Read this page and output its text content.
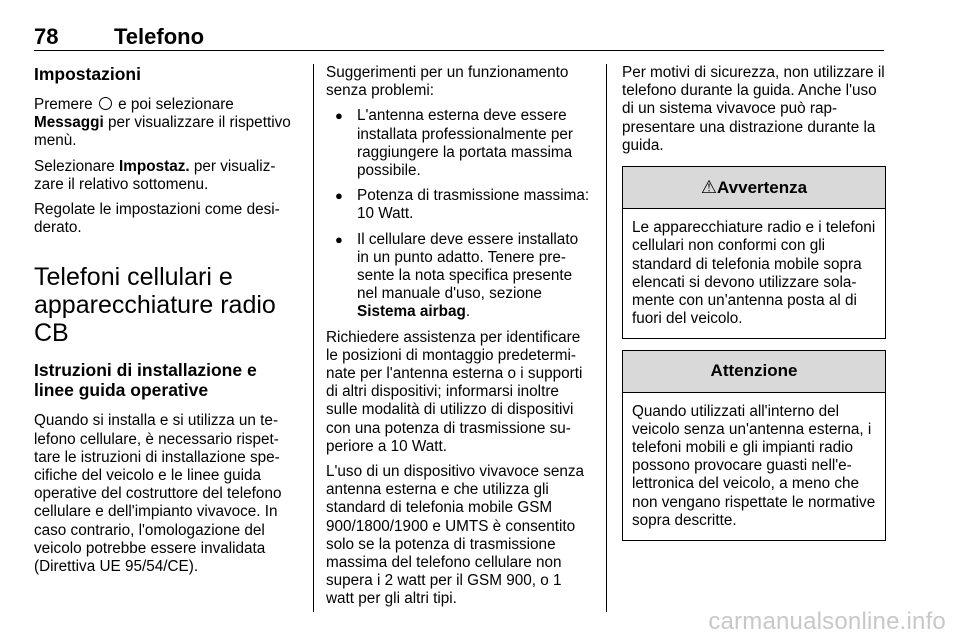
78	Telefono
Impostazioni

Premere  e poi selezionare Messaggi per visualizzare il rispettivo menù.

Selezionare Impostaz. per visualizzare il relativo sottomenu.

Regolate le impostazioni come desiderato.

Telefoni cellulari e apparecchiature radio CB
Istruzioni di installazione e linee guida operative

Quando si installa e si utilizza un telefono cellulare, è necessario rispettare le istruzioni di installazione specifiche del veicolo e le linee guida operative del costruttore del telefono cellulare e dell'impianto vivavoce. In caso contrario, l'omologazione del veicolo potrebbe essere invalidata (Direttiva UE 95/54/CE).

Suggerimenti per un funzionamento senza problemi:

● L'antenna esterna deve essere installata professionalmente per raggiungere la portata massima possibile.
● Potenza di trasmissione massima: 10 Watt.
● Il cellulare deve essere installato in un punto adatto. Tenere presente la nota specifica presente nel manuale d'uso, sezione Sistema airbag.

Richiedere assistenza per identificare le posizioni di montaggio predeterminate per l'antenna esterna o i supporti di altri dispositivi; informarsi inoltre sulle modalità di utilizzo di dispositivi con una potenza di trasmissione superiore a 10 Watt.

L'uso di un dispositivo vivavoce senza antenna esterna e che utilizza gli standard di telefonia mobile GSM 900/1800/1900 e UMTS è consentito solo se la potenza di trasmissione massima del telefono cellulare non supera i 2 watt per il GSM 900, o 1 watt per gli altri tipi.

Per motivi di sicurezza, non utilizzare il telefono durante la guida. Anche l'uso di un sistema vivavoce può rappresentare una distrazione durante la guida.

⚠Avvertenza
Le apparecchiature radio e i telefoni cellulari non conformi con gli standard di telefonia mobile sopra elencati si devono utilizzare solamente con un'antenna posta al di fuori del veicolo.
Attenzione
Quando utilizzati all'interno del veicolo senza un'antenna esterna, i telefoni mobili e gli impianti radio possono provocare guasti nell'elettronica del veicolo, a meno che non vengano rispettate le normative sopra descritte.
carmanualsonline.info
